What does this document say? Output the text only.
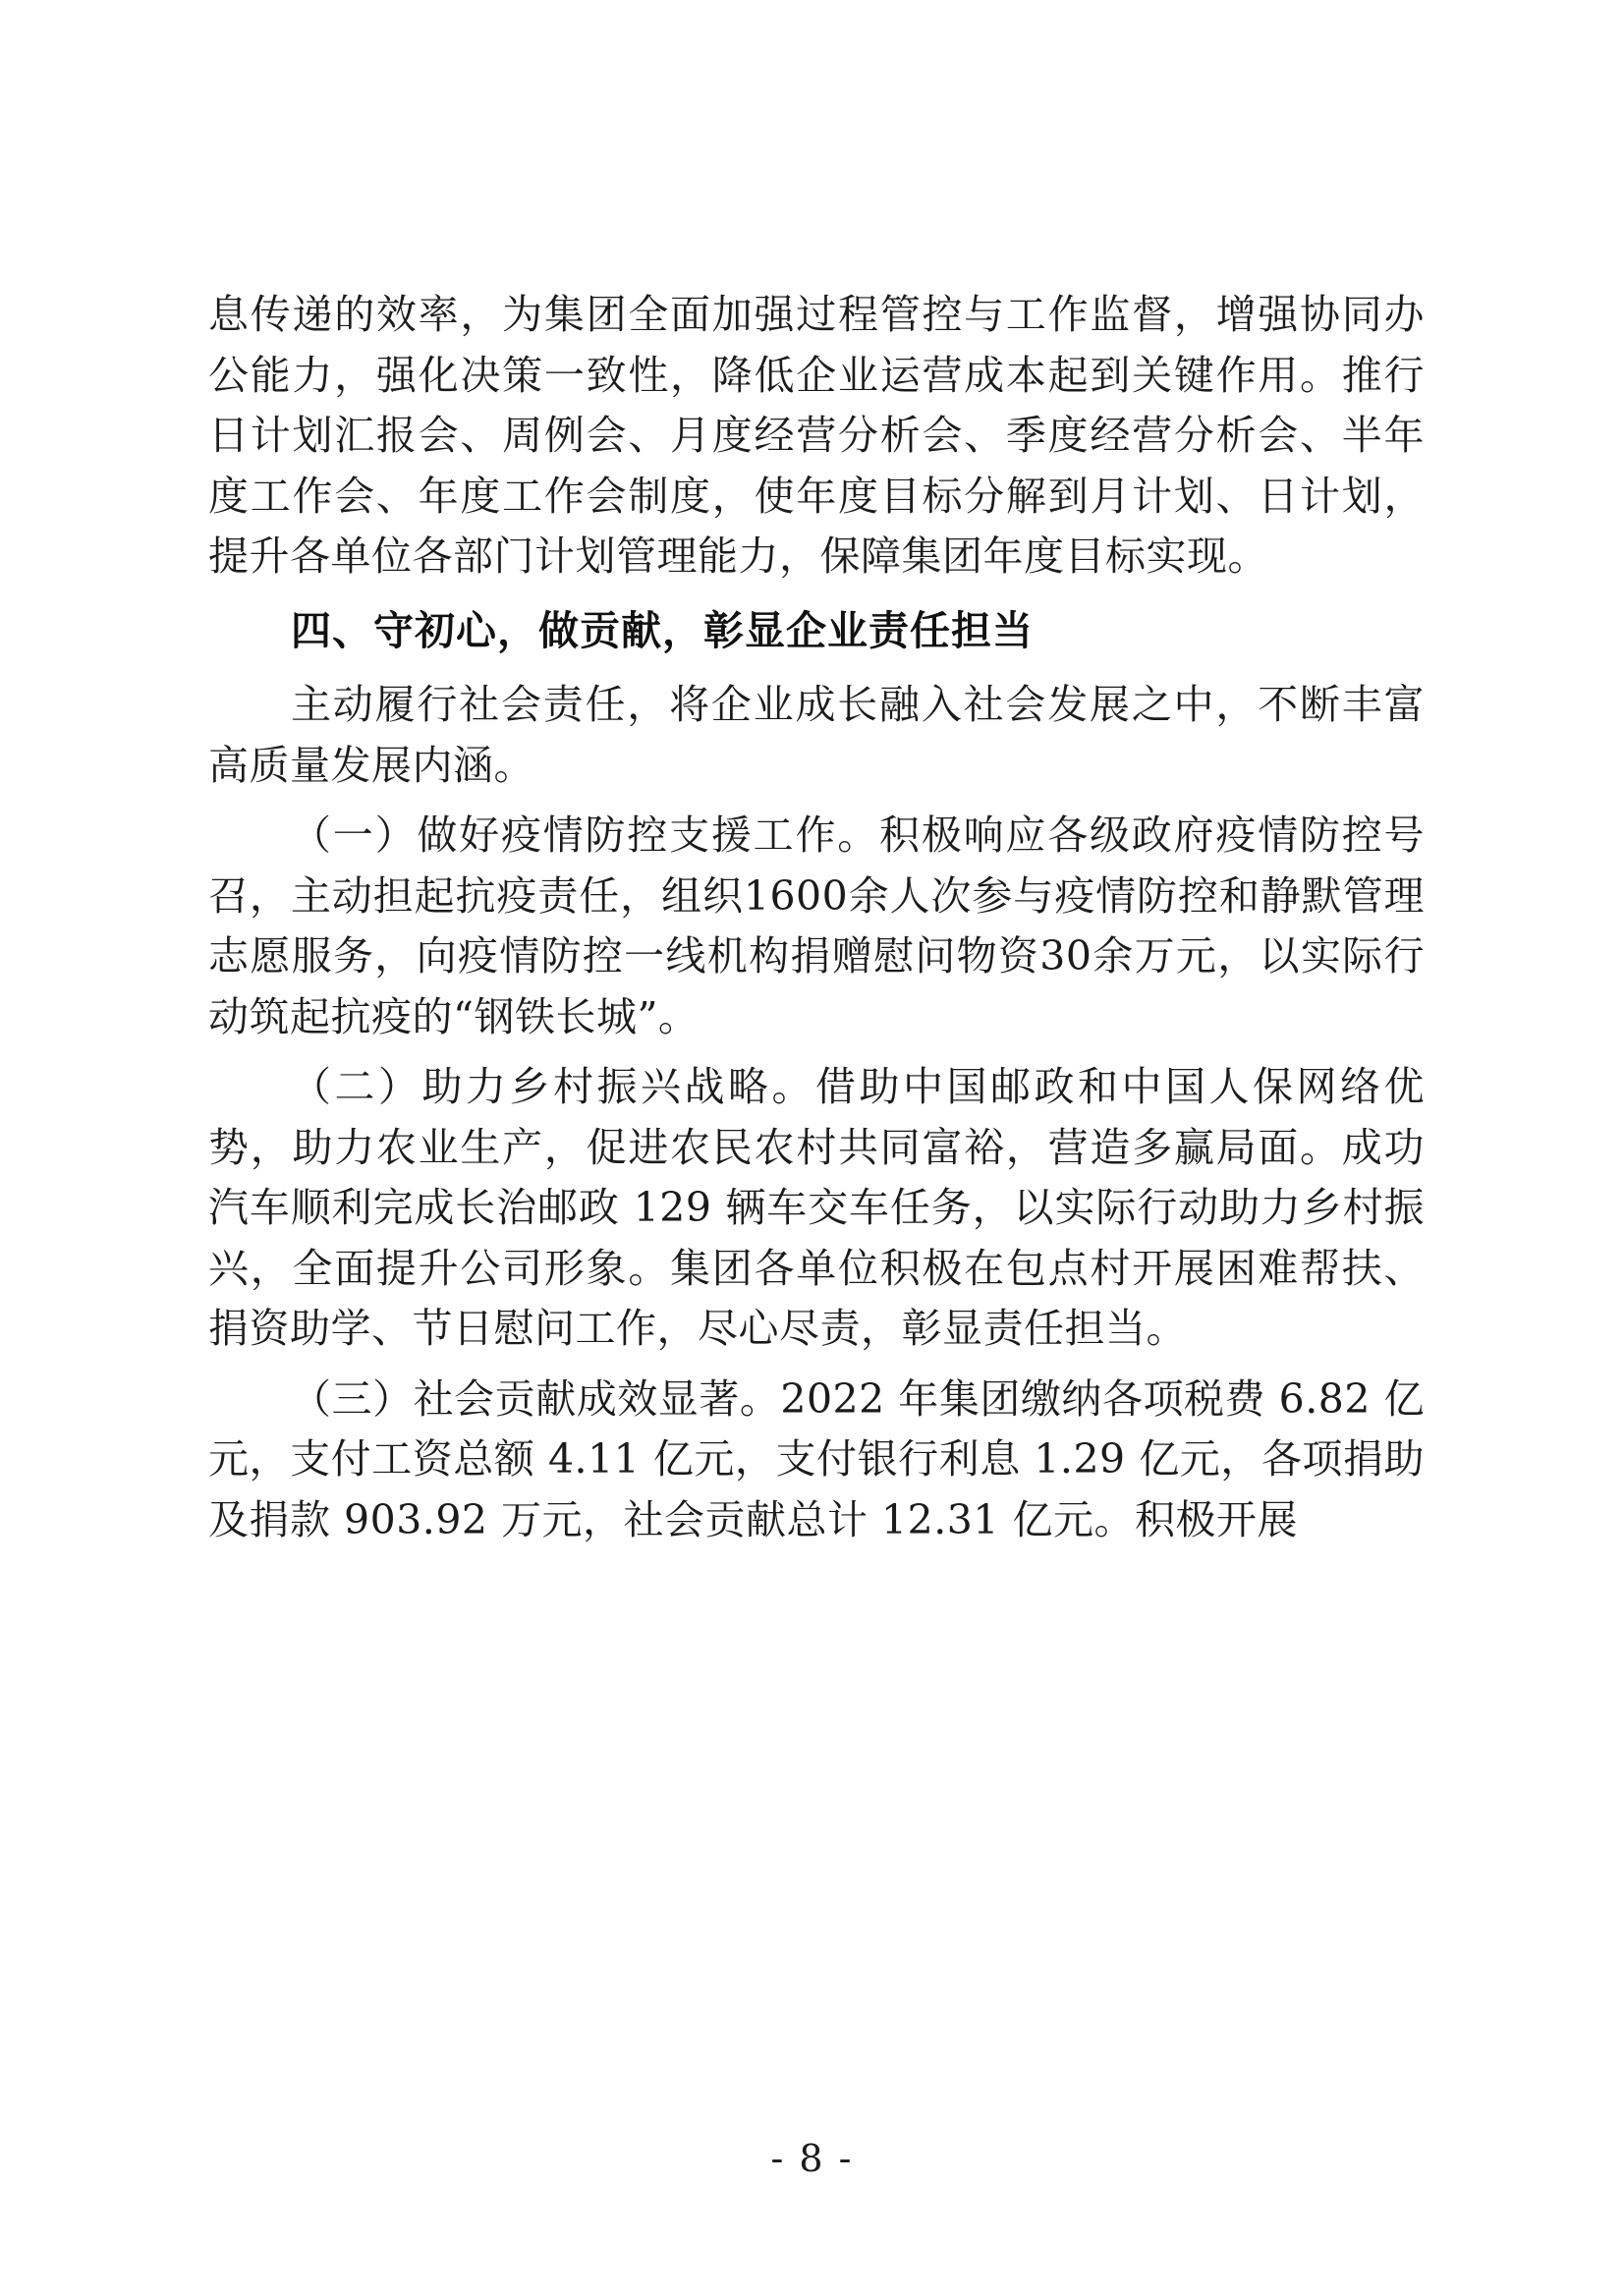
息传递的效率，为集团全面加强过程管控与工作监督，增强协同办公能力，强化决策一致性，降低企业运营成本起到关键作用。推行日计划汇报会、周例会、月度经营分析会、季度经营分析会、半年度工作会、年度工作会制度，使年度目标分解到月计划、日计划，提升各单位各部门计划管理能力，保障集团年度目标实现。

四、守初心，做贡献，彰显企业责任担当

主动履行社会责任，将企业成长融入社会发展之中，不断丰富高质量发展内涵。

（一）做好疫情防控支援工作。积极响应各级政府疫情防控号召，主动担起抗疫责任，组织1600余人次参与疫情防控和静默管理志愿服务，向疫情防控一线机构捐赠慰问物资30余万元，以实际行动筑起抗疫的“钢铁长城”。

（二）助力乡村振兴战略。借助中国邮政和中国人保网络优势，助力农业生产，促进农民农村共同富裕，营造多赢局面。成功汽车顺利完成长治邮政 129 辆车交车任务，以实际行动助力乡村振兴，全面提升公司形象。集团各单位积极在包点村开展困难帮扶、捐资助学、节日慰问工作，尽心尽责，彰显责任担当。

（三）社会贡献成效显著。2022 年集团缴纳各项税费 6.82 亿元，支付工资总额 4.11 亿元，支付银行利息 1.29 亿元，各项捐助及捐款 903.92 万元，社会贡献总计 12.31 亿元。积极开展

- 8 -
